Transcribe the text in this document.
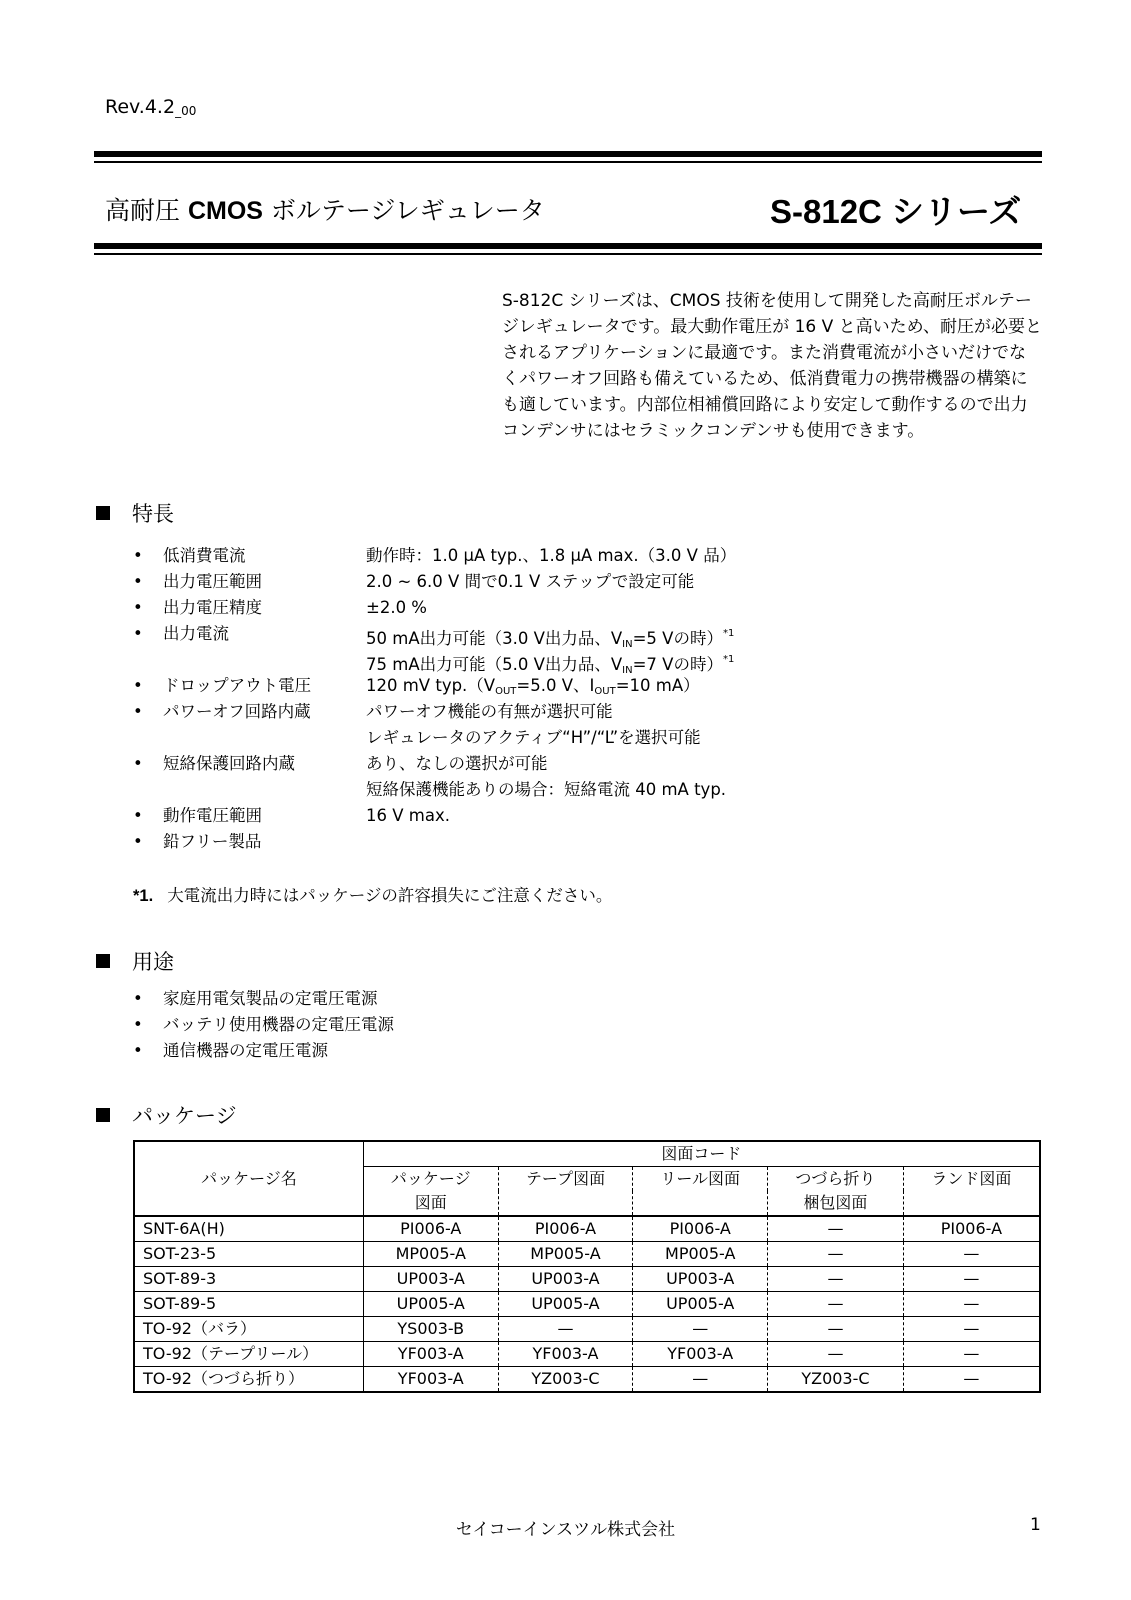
$Rev.4.2_{\_00}$
高耐圧 CMOS ボルテージレギュレータ	S-812C シリーズ
S-812C シリーズは、CMOS 技術を使用して開発した高耐圧ボルテージレギュレータです。最大動作電圧が 16 V と高いため、耐圧が必要とされるアプリケーションに最適です。また消費電流が小さいだけでなくパワーオフ回路も備えているため、低消費電力の携帯機器の構築にも適しています。内部位相補償回路により安定して動作するので出力コンデンサにはセラミックコンデンサも使用できます。
特長
•	低消費電流	動作時：1.0 µA typ.、1.8 µA max.（3.0 V 品）
•	出力電圧範囲	2.0 ~ 6.0 V 間で0.1 V ステップで設定可能
•	出力電圧精度	±2.0 %
•	出力電流	50 mA出力可能（3.0 V出力品、$V_{IN}=5$ Vの時）$^{*1}$
75 mA出力可能（5.0 V出力品、$V_{IN}=7$ Vの時）$^{*1}$
•	ドロップアウト電圧	120 mV $typ.(V_{OUT}=5.0$ V、$I_{OUT}=10$ mA）
•	パワーオフ回路内蔵	パワーオフ機能の有無が選択可能
レギュレータのアクティブ“H”/“L”を選択可能
•	短絡保護回路内蔵	あり、なしの選択が可能
短絡保護機能ありの場合：短絡電流 40 mA typ.
•	動作電圧範囲	16 V max.
•	鉛フリー製品
*1. 大電流出力時にはパッケージの許容損失にご注意ください。
用途
•	家庭用電気製品の定電圧電源
•	バッテリ使用機器の定電圧電源
•	通信機器の定電圧電源
パッケージ
パッケージ名	図面コード				
	パッケージ	テープ図面	リール図面	つづら折り	ランド図面
	図面			梱包図面	
SNT-6A(H)	PI006-A	PI006-A	PI006-A	—	PI006-A
SOT-23-5	MP005-A	MP005-A	MP005-A	—	—
SOT-89-3	UP003-A	UP003-A	UP003-A	—	—
SOT-89-5	UP005-A	UP005-A	UP005-A	—	—
TO-92（バラ）	YS003-B	—	—	—	—
TO-92（テープリール）	YF003-A	YF003-A	YF003-A	—	—
TO-92（つづら折り）	YF003-A	YZ003-C	—	YZ003-C	—
セイコーインスツル株式会社	1
